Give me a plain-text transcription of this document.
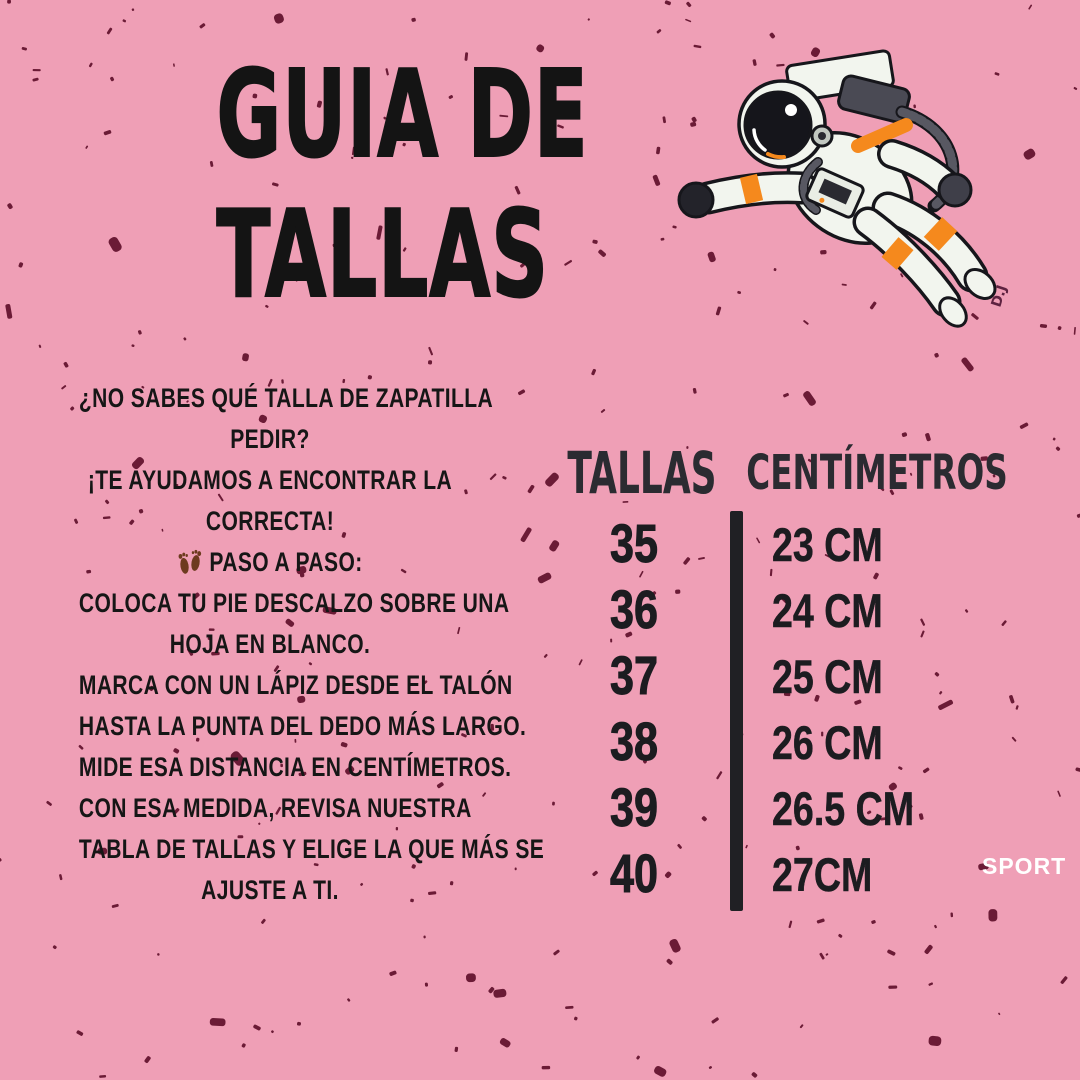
GUIA DE
TALLAS	D.J
¿NO SABES QUÉ TALLA DE ZAPATILLA
PEDIR?
¡TE AYUDAMOS A ENCONTRAR LA
CORRECTA!
PASO A PASO:
COLOCA TU PIE DESCALZO SOBRE UNA
HOJA EN BLANCO.
MARCA CON UN LÁPIZ DESDE EL TALÓN
HASTA LA PUNTA DEL DEDO MÁS LARGO.
MIDE ESA DISTANCIA EN CENTÍMETROS.
CON ESA MEDIDA, REVISA NUESTRA
TABLA DE TALLAS Y ELIGE LA QUE MÁS SE
AJUSTE A TI.
TALLAS CENTÍMETROS
35
36
37
38
39
40
23 CM
24 CM
25 CM
26 CM
26.5 CM
27CM	SPORT
